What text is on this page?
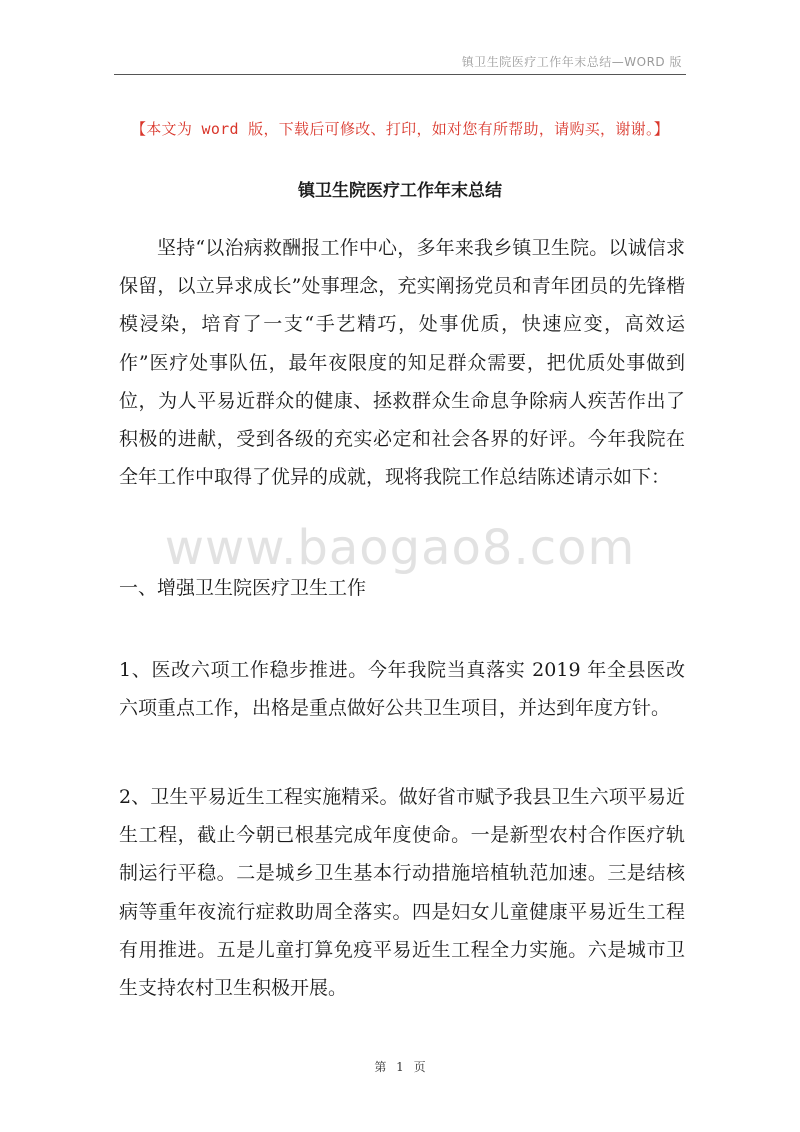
镇卫生院医疗工作年末总结—WORD 版
【本文为 word 版，下载后可修改、打印，如对您有所帮助，请购买，谢谢。】
镇卫生院医疗工作年末总结
www.baogao8.com

坚持“以治病救酬报工作中心，多年来我乡镇卫生院。以诚信求保留，以立异求成长”处事理念，充实阐扬党员和青年团员的先锋楷模浸染，培育了一支“手艺精巧，处事优质，快速应变，高效运作”医疗处事队伍，最年夜限度的知足群众需要，把优质处事做到位，为人平易近群众的健康、拯救群众生命息争除病人疾苦作出了积极的进献，受到各级的充实必定和社会各界的好评。今年我院在全年工作中取得了优异的成就，现将我院工作总结陈述请示如下：

一、增强卫生院医疗卫生工作

1、医改六项工作稳步推进。今年我院当真落实 2019 年全县医改六项重点工作，出格是重点做好公共卫生项目，并达到年度方针。

2、卫生平易近生工程实施精采。做好省市赋予我县卫生六项平易近生工程，截止今朝已根基完成年度使命。一是新型农村合作医疗轨制运行平稳。二是城乡卫生基本行动措施培植轨范加速。三是结核病等重年夜流行症救助周全落实。四是妇女儿童健康平易近生工程有用推进。五是儿童打算免疫平易近生工程全力实施。六是城市卫生支持农村卫生积极开展。

第 1 页
